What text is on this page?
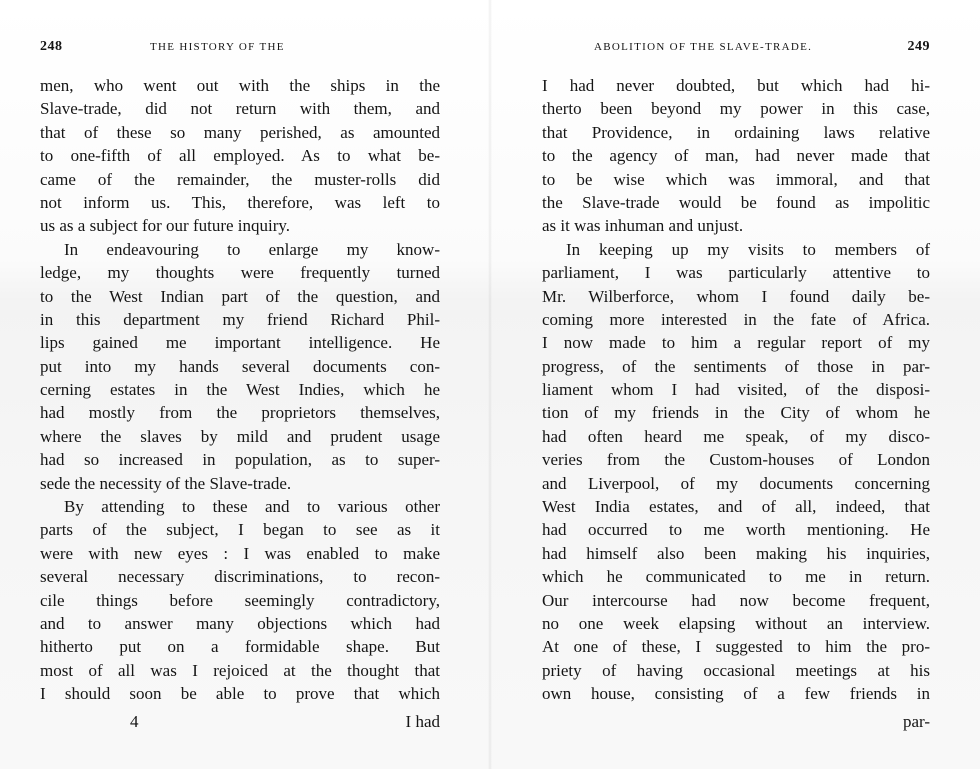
248	THE HISTORY OF THE
men, who went out with the ships in the
Slave-trade, did not return with them, and
that of these so many perished, as amounted
to one-fifth of all employed. As to what be-
came of the remainder, the muster-rolls did
not inform us. This, therefore, was left to
us as a subject for our future inquiry.
In endeavouring to enlarge my know-
ledge, my thoughts were frequently turned
to the West Indian part of the question, and
in this department my friend Richard Phil-
lips gained me important intelligence. He
put into my hands several documents con-
cerning estates in the West Indies, which he
had mostly from the proprietors themselves,
where the slaves by mild and prudent usage
had so increased in population, as to super-
sede the necessity of the Slave-trade.
By attending to these and to various other
parts of the subject, I began to see as it
were with new eyes : I was enabled to make
several necessary discriminations, to recon-
cile things before seemingly contradictory,
and to answer many objections which had
hitherto put on a formidable shape. But
most of all was I rejoiced at the thought that
I should soon be able to prove that which
4	I had
ABOLITION OF THE SLAVE-TRADE.	249
I had never doubted, but which had hi-
therto been beyond my power in this case,
that Providence, in ordaining laws relative
to the agency of man, had never made that
to be wise which was immoral, and that
the Slave-trade would be found as impolitic
as it was inhuman and unjust.
In keeping up my visits to members of
parliament, I was particularly attentive to
Mr. Wilberforce, whom I found daily be-
coming more interested in the fate of Africa.
I now made to him a regular report of my
progress, of the sentiments of those in par-
liament whom I had visited, of the disposi-
tion of my friends in the City of whom he
had often heard me speak, of my disco-
veries from the Custom-houses of London
and Liverpool, of my documents concerning
West India estates, and of all, indeed, that
had occurred to me worth mentioning. He
had himself also been making his inquiries,
which he communicated to me in return.
Our intercourse had now become frequent,
no one week elapsing without an interview.
At one of these, I suggested to him the pro-
priety of having occasional meetings at his
own house, consisting of a few friends in
par-
